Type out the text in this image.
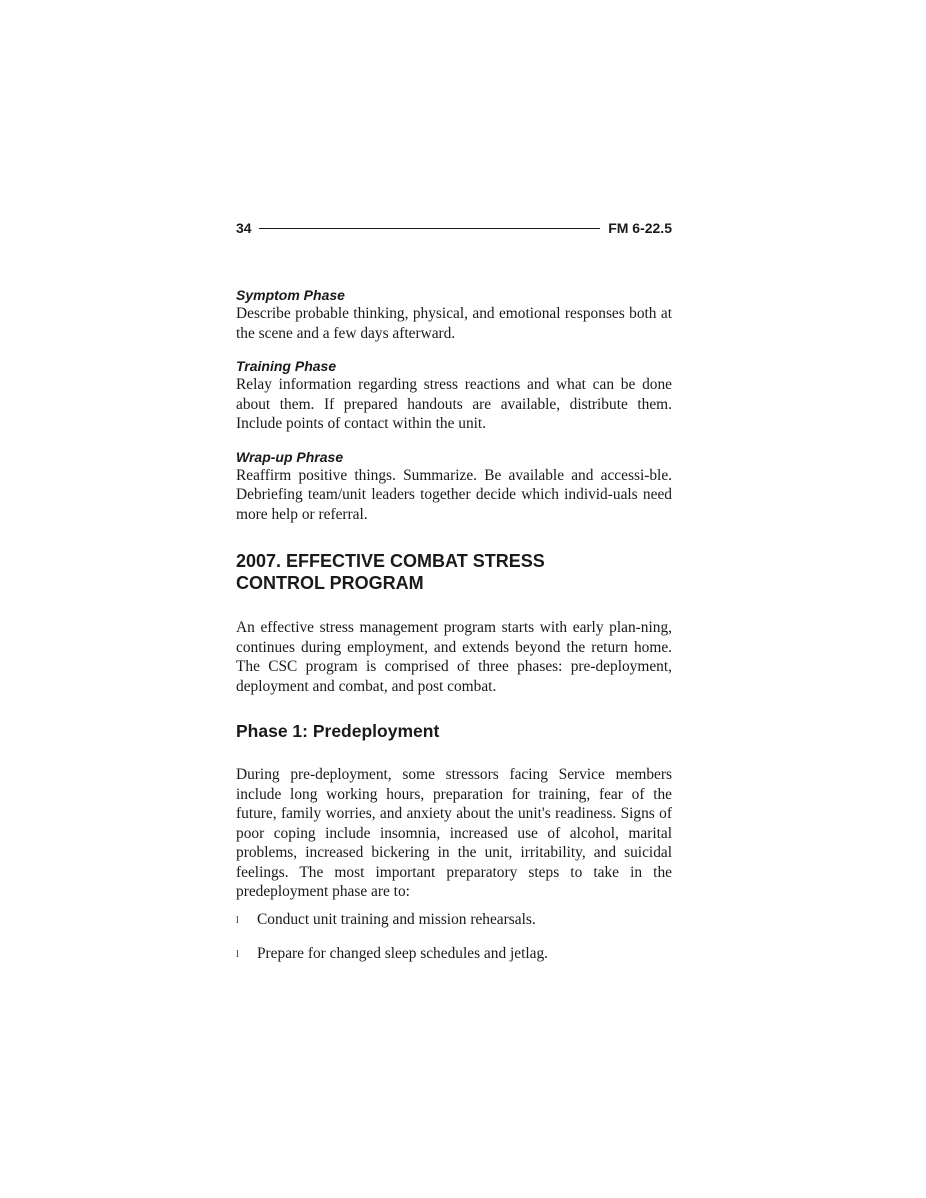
34	FM 6-22.5
Symptom Phase

Describe probable thinking, physical, and emotional responses both at the scene and a few days afterward.

Training Phase

Relay information regarding stress reactions and what can be done about them. If prepared handouts are available, distribute them. Include points of contact within the unit.

Wrap-up Phrase

Reaffirm positive things. Summarize. Be available and accessi-ble. Debriefing team/unit leaders together decide which individ-uals need more help or referral.

2007. EFFECTIVE COMBAT STRESS
CONTROL PROGRAM

An effective stress management program starts with early plan-ning, continues during employment, and extends beyond the return home. The CSC program is comprised of three phases: pre-deployment, deployment and combat, and post combat.

Phase 1: Predeployment

During pre-deployment, some stressors facing Service members include long working hours, preparation for training, fear of the future, family worries, and anxiety about the unit's readiness. Signs of poor coping include insomnia, increased use of alcohol, marital problems, increased bickering in the unit, irritability, and suicidal feelings. The most important preparatory steps to take in the predeployment phase are to:

l	Conduct unit training and mission rehearsals.
l	Prepare for changed sleep schedules and jetlag.
